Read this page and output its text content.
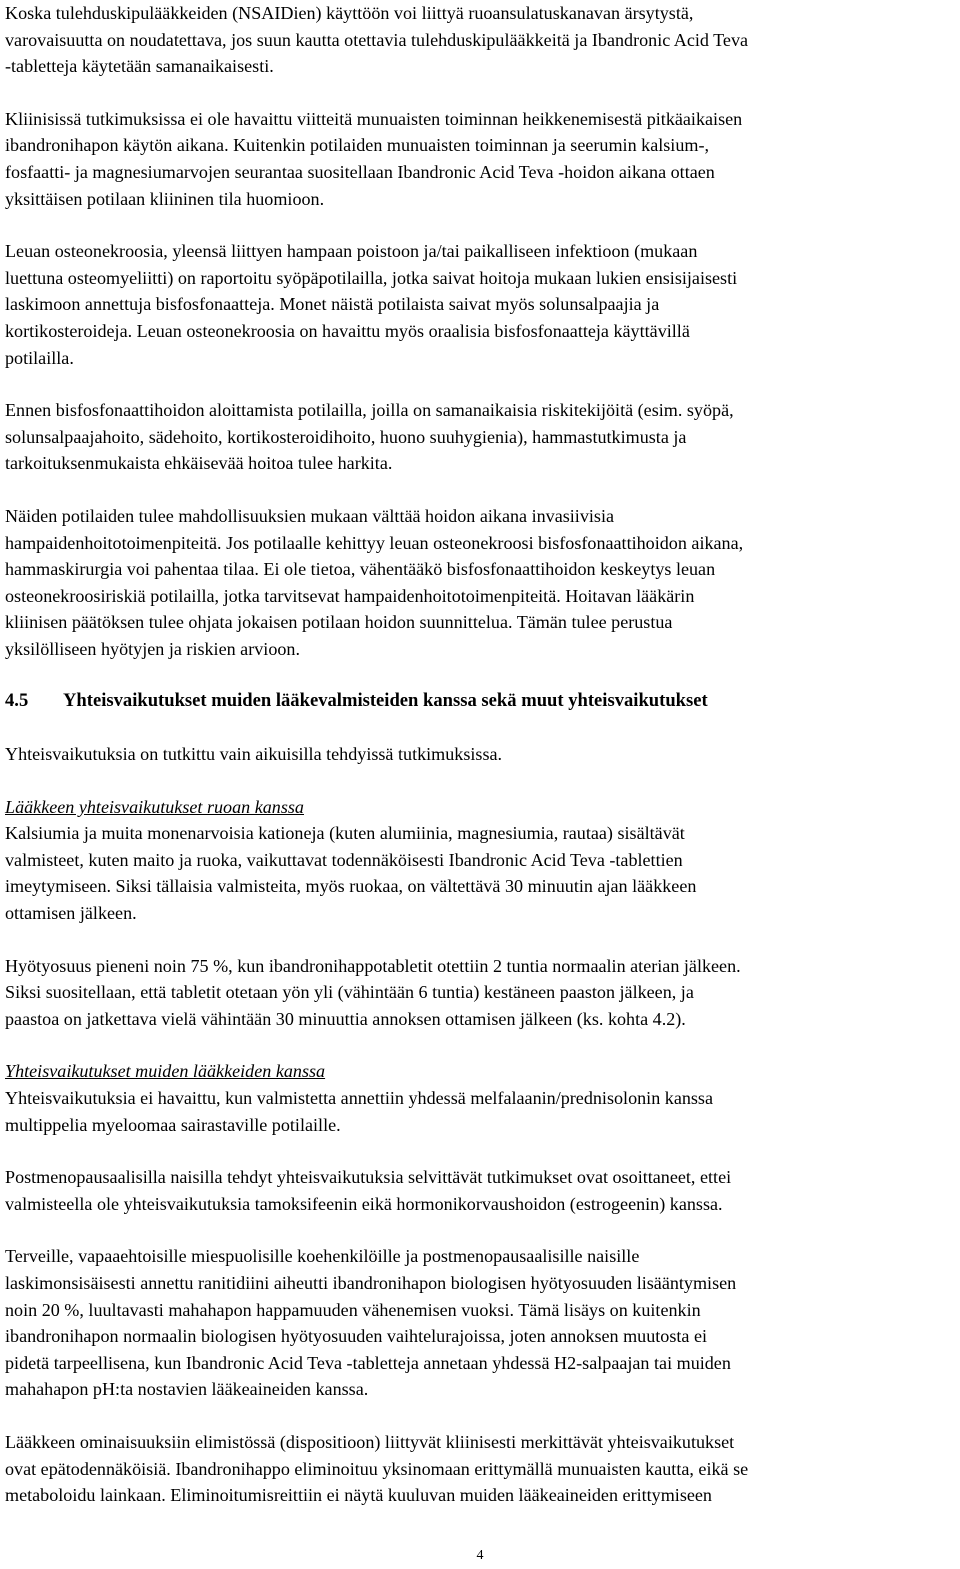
Koska tulehduskipulääkkeiden (NSAIDien) käyttöön voi liittyä ruoansulatuskanavan ärsytystä,
varovaisuutta on noudatettava, jos suun kautta otettavia tulehduskipulääkkeitä ja Ibandronic Acid Teva
-tabletteja käytetään samanaikaisesti.

Kliinisissä tutkimuksissa ei ole havaittu viitteitä munuaisten toiminnan heikkenemisestä pitkäaikaisen
ibandronihapon käytön aikana. Kuitenkin potilaiden munuaisten toiminnan ja seerumin kalsium-,
fosfaatti- ja magnesiumarvojen seurantaa suositellaan Ibandronic Acid Teva -hoidon aikana ottaen
yksittäisen potilaan kliininen tila huomioon.

Leuan osteonekroosia, yleensä liittyen hampaan poistoon ja/tai paikalliseen infektioon (mukaan
luettuna osteomyeliitti) on raportoitu syöpäpotilailla, jotka saivat hoitoja mukaan lukien ensisijaisesti
laskimoon annettuja bisfosfonaatteja. Monet näistä potilaista saivat myös solunsalpaajia ja
kortikosteroideja. Leuan osteonekroosia on havaittu myös oraalisia bisfosfonaatteja käyttävillä
potilailla.

Ennen bisfosfonaattihoidon aloittamista potilailla, joilla on samanaikaisia riskitekijöitä (esim. syöpä,
solunsalpaajahoito, sädehoito, kortikosteroidihoito, huono suuhygienia), hammastutkimusta ja
tarkoituksenmukaista ehkäisevää hoitoa tulee harkita.

Näiden potilaiden tulee mahdollisuuksien mukaan välttää hoidon aikana invasiivisia
hampaidenhoitotoimenpiteitä. Jos potilaalle kehittyy leuan osteonekroosi bisfosfonaattihoidon aikana,
hammaskirurgia voi pahentaa tilaa. Ei ole tietoa, vähentääkö bisfosfonaattihoidon keskeytys leuan
osteonekroosiriskiä potilailla, jotka tarvitsevat hampaidenhoitotoimenpiteitä. Hoitavan lääkärin
kliinisen päätöksen tulee ohjata jokaisen potilaan hoidon suunnittelua. Tämän tulee perustua
yksilölliseen hyötyjen ja riskien arvioon.

4.5 Yhteisvaikutukset muiden lääkevalmisteiden kanssa sekä muut yhteisvaikutukset

Yhteisvaikutuksia on tutkittu vain aikuisilla tehdyissä tutkimuksissa.

Lääkkeen yhteisvaikutukset ruoan kanssa

Kalsiumia ja muita monenarvoisia kationeja (kuten alumiinia, magnesiumia, rautaa) sisältävät
valmisteet, kuten maito ja ruoka, vaikuttavat todennäköisesti Ibandronic Acid Teva -tablettien
imeytymiseen. Siksi tällaisia valmisteita, myös ruokaa, on vältettävä 30 minuutin ajan lääkkeen
ottamisen jälkeen.

Hyötyosuus pieneni noin 75 %, kun ibandronihappotabletit otettiin 2 tuntia normaalin aterian jälkeen.
Siksi suositellaan, että tabletit otetaan yön yli (vähintään 6 tuntia) kestäneen paaston jälkeen, ja
paastoa on jatkettava vielä vähintään 30 minuuttia annoksen ottamisen jälkeen (ks. kohta 4.2).

Yhteisvaikutukset muiden lääkkeiden kanssa

Yhteisvaikutuksia ei havaittu, kun valmistetta annettiin yhdessä melfalaanin/prednisolonin kanssa
multippelia myeloomaa sairastaville potilaille.

Postmenopausaalisilla naisilla tehdyt yhteisvaikutuksia selvittävät tutkimukset ovat osoittaneet, ettei
valmisteella ole yhteisvaikutuksia tamoksifeenin eikä hormonikorvaushoidon (estrogeenin) kanssa.

Terveille, vapaaehtoisille miespuolisille koehenkilöille ja postmenopausaalisille naisille
laskimonsisäisesti annettu ranitidiini aiheutti ibandronihapon biologisen hyötyosuuden lisääntymisen
noin 20 %, luultavasti mahahapon happamuuden vähenemisen vuoksi. Tämä lisäys on kuitenkin
ibandronihapon normaalin biologisen hyötyosuuden vaihtelurajoissa, joten annoksen muutosta ei
pidetä tarpeellisena, kun Ibandronic Acid Teva -tabletteja annetaan yhdessä H2-salpaajan tai muiden
mahahapon pH:ta nostavien lääkeaineiden kanssa.

Lääkkeen ominaisuuksiin elimistössä (dispositioon) liittyvät kliinisesti merkittävät yhteisvaikutukset
ovat epätodennäköisiä. Ibandronihappo eliminoituu yksinomaan erittymällä munuaisten kautta, eikä se
metaboloidu lainkaan. Eliminoitumisreittiin ei näytä kuuluvan muiden lääkeaineiden erittymiseen

4
